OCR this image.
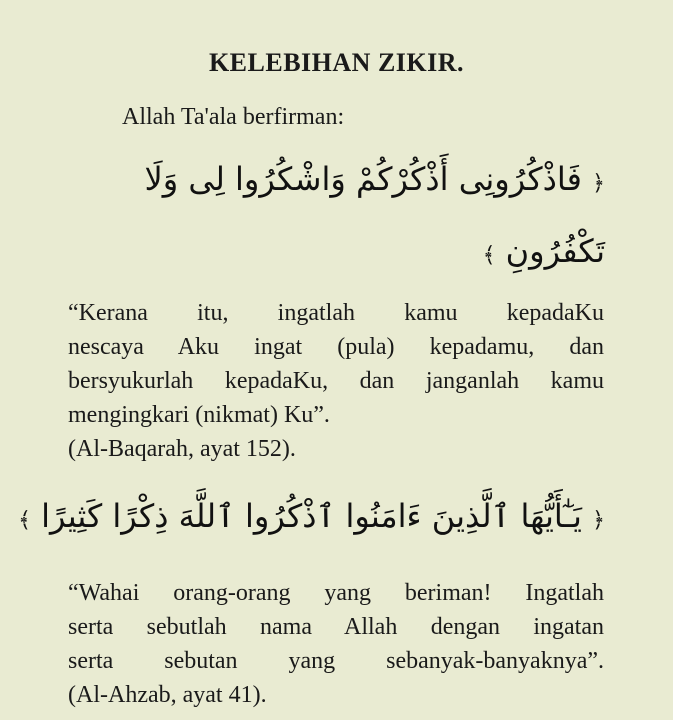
KELEBIHAN ZIKIR.
Allah Ta'ala berfirman:
﴿ فَاذْكُرُونِى أَذْكُرْكُمْ وَاشْكُرُوا لِى وَلَا
تَكْفُرُونِ ﴾
“Kerana itu, ingatlah kamu kepadaKu
nescaya Aku ingat (pula) kepadamu, dan
bersyukurlah kepadaKu, dan janganlah kamu
mengingkari (nikmat) Ku”.
(Al-Baqarah, ayat 152).
﴿ يَـٰٓأَيُّهَا ٱلَّذِينَ ءَامَنُوا ٱذْكُرُوا ٱللَّهَ ذِكْرًا كَثِيرًا ﴾
“Wahai orang-orang yang beriman! Ingatlah
serta sebutlah nama Allah dengan ingatan
serta sebutan yang sebanyak-banyaknya”.
(Al-Ahzab, ayat 41).
